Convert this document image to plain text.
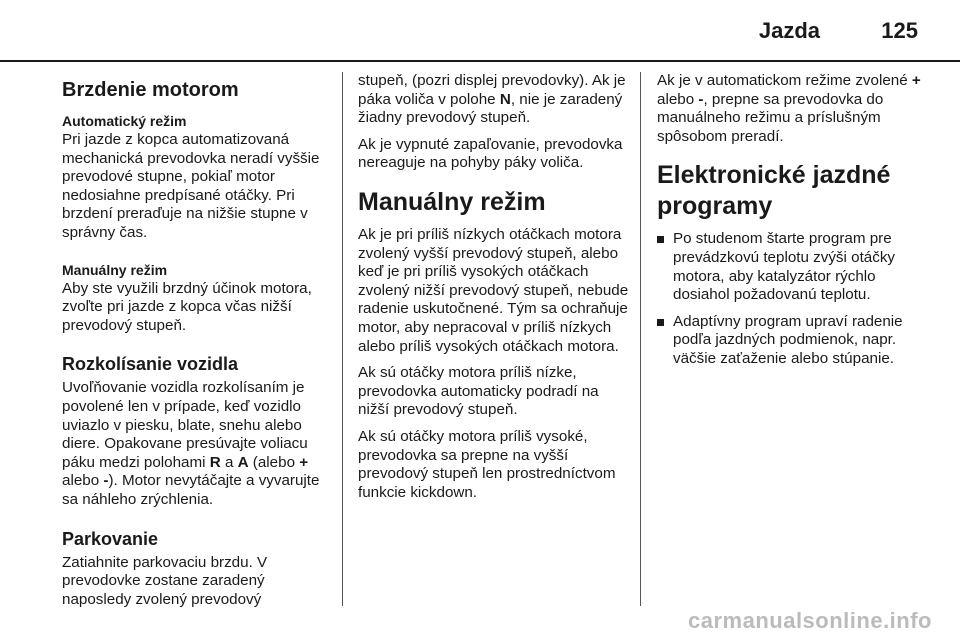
Jazda	125
Brzdenie motorom
Automatický režim

Pri jazde z kopca automatizovaná mechanická prevodovka neradí vyššie prevodové stupne, pokiaľ motor nedosiahne predpísané otáčky. Pri brzdení preraďuje na nižšie stupne v správny čas.

Manuálny režim

Aby ste využili brzdný účinok motora, zvoľte pri jazde z kopca včas nižší prevodový stupeň.

Rozkolísanie vozidla

Uvoľňovanie vozidla rozkolísaním je povolené len v prípade, keď vozidlo uviazlo v piesku, blate, snehu alebo diere. Opakovane presúvajte voliacu páku medzi polohami R a A (alebo + alebo -). Motor nevytáčajte a vyvarujte sa náhleho zrýchlenia.

Parkovanie

Zatiahnite parkovaciu brzdu. V prevodovke zostane zaradený naposledy zvolený prevodový

stupeň, (pozri displej prevodovky). Ak je páka voliča v polohe N, nie je zaradený žiadny prevodový stupeň.

Ak je vypnuté zapaľovanie, prevodovka nereaguje na pohyby páky voliča.

Manuálny režim

Ak je pri príliš nízkych otáčkach motora zvolený vyšší prevodový stupeň, alebo keď je pri príliš vysokých otáčkach zvolený nižší prevodový stupeň, nebude radenie uskutočnené. Tým sa ochraňuje motor, aby nepracoval v príliš nízkych alebo príliš vysokých otáčkach motora.

Ak sú otáčky motora príliš nízke, prevodovka automaticky podradí na nižší prevodový stupeň.

Ak sú otáčky motora príliš vysoké, prevodovka sa prepne na vyšší prevodový stupeň len prostredníctvom funkcie kickdown.

Ak je v automatickom režime zvolené + alebo -, prepne sa prevodovka do manuálneho režimu a príslušným spôsobom preradí.

Elektronické jazdné programy
Po studenom štarte program pre prevádzkovú teplotu zvýši otáčky motora, aby katalyzátor rýchlo dosiahol požadovanú teplotu.
Adaptívny program upraví radenie podľa jazdných podmienok, napr. väčšie zaťaženie alebo stúpanie.
carmanualsonline.info
